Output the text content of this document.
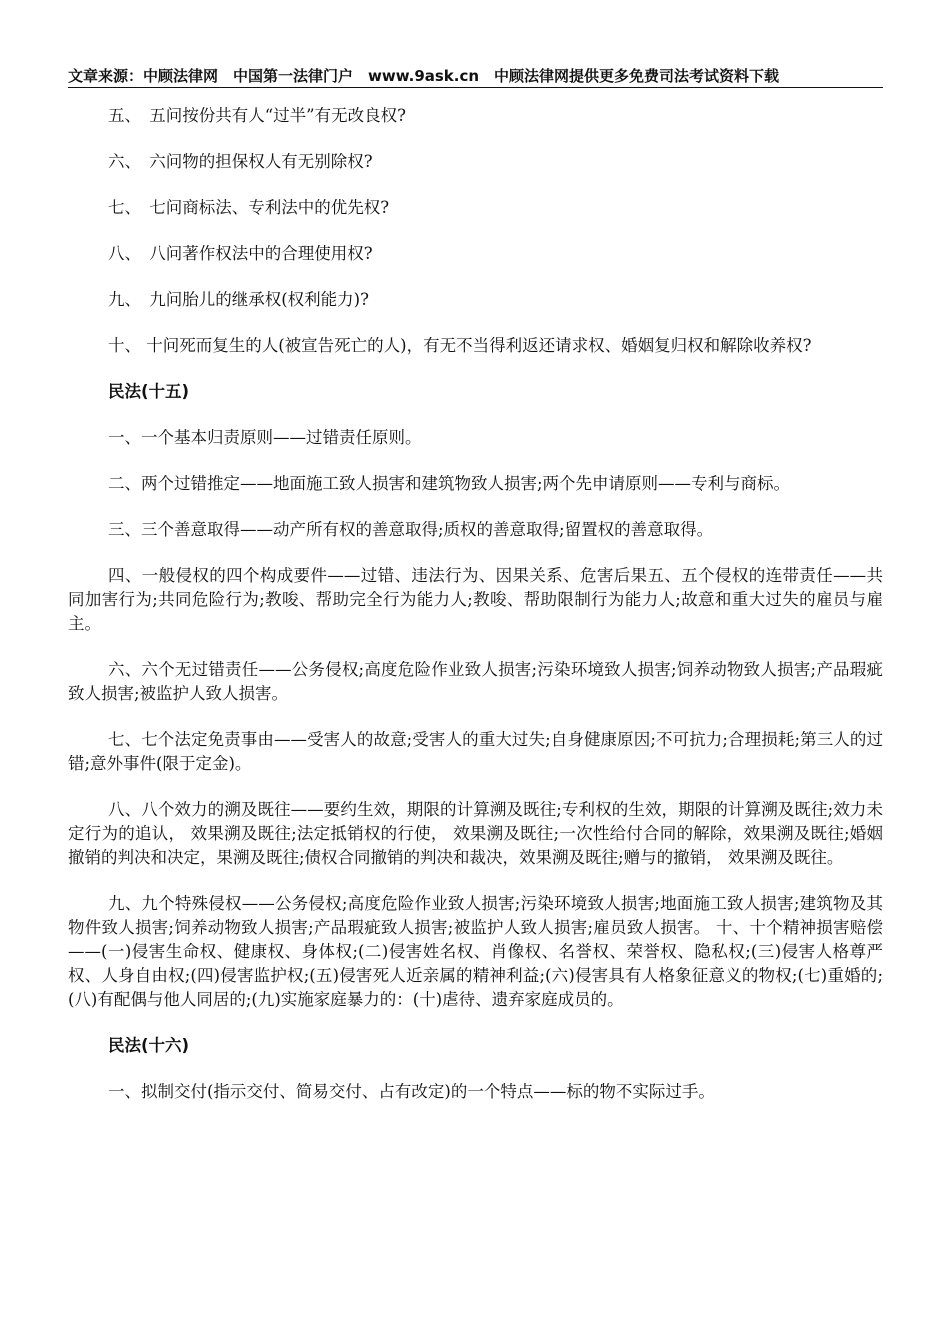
文章来源：中顾法律网　中国第一法律门户　www.9ask.cn　中顾法律网提供更多免费司法考试资料下载
五、　五问按份共有人“过半”有无改良权?
六、　六问物的担保权人有无别除权?
七、　七问商标法、专利法中的优先权?
八、　八问著作权法中的合理使用权?
九、　九问胎儿的继承权(权利能力)?
十、 十问死而复生的人(被宣告死亡的人)，有无不当得利返还请求权、婚姻复归权和解除收养权?
民法(十五)
一、一个基本归责原则——过错责任原则。
二、两个过错推定——地面施工致人损害和建筑物致人损害;两个先申请原则——专利与商标。
三、三个善意取得——动产所有权的善意取得;质权的善意取得;留置权的善意取得。
四、一般侵权的四个构成要件——过错、违法行为、因果关系、危害后果五、五个侵权的连带责任——共同加害行为;共同危险行为;教唆、帮助完全行为能力人;教唆、帮助限制行为能力人;故意和重大过失的雇员与雇主。
六、六个无过错责任——公务侵权;高度危险作业致人损害;污染环境致人损害;饲养动物致人损害;产品瑕疵致人损害;被监护人致人损害。
七、七个法定免责事由——受害人的故意;受害人的重大过失;自身健康原因;不可抗力;合理损耗;第三人的过错;意外事件(限于定金)。
八、八个效力的溯及既往——要约生效，期限的计算溯及既往;专利权的生效，期限的计算溯及既往;效力未定行为的追认， 效果溯及既往;法定抵销权的行使， 效果溯及既往;一次性给付合同的解除，效果溯及既往;婚姻撤销的判决和决定，果溯及既往;债权合同撤销的判决和裁决，效果溯及既往;赠与的撤销， 效果溯及既往。
九、九个特殊侵权——公务侵权;高度危险作业致人损害;污染环境致人损害;地面施工致人损害;建筑物及其物件致人损害;饲养动物致人损害;产品瑕疵致人损害;被监护人致人损害;雇员致人损害。 十、十个精神损害赔偿——(一)侵害生命权、健康权、身体权;(二)侵害姓名权、肖像权、名誉权、荣誉权、隐私权;(三)侵害人格尊严权、人身自由权;(四)侵害监护权;(五)侵害死人近亲属的精神利益;(六)侵害具有人格象征意义的物权;(七)重婚的;(八)有配偶与他人同居的;(九)实施家庭暴力的：(十)虐待、遗弃家庭成员的。
民法(十六)
一、拟制交付(指示交付、简易交付、占有改定)的一个特点——标的物不实际过手。
